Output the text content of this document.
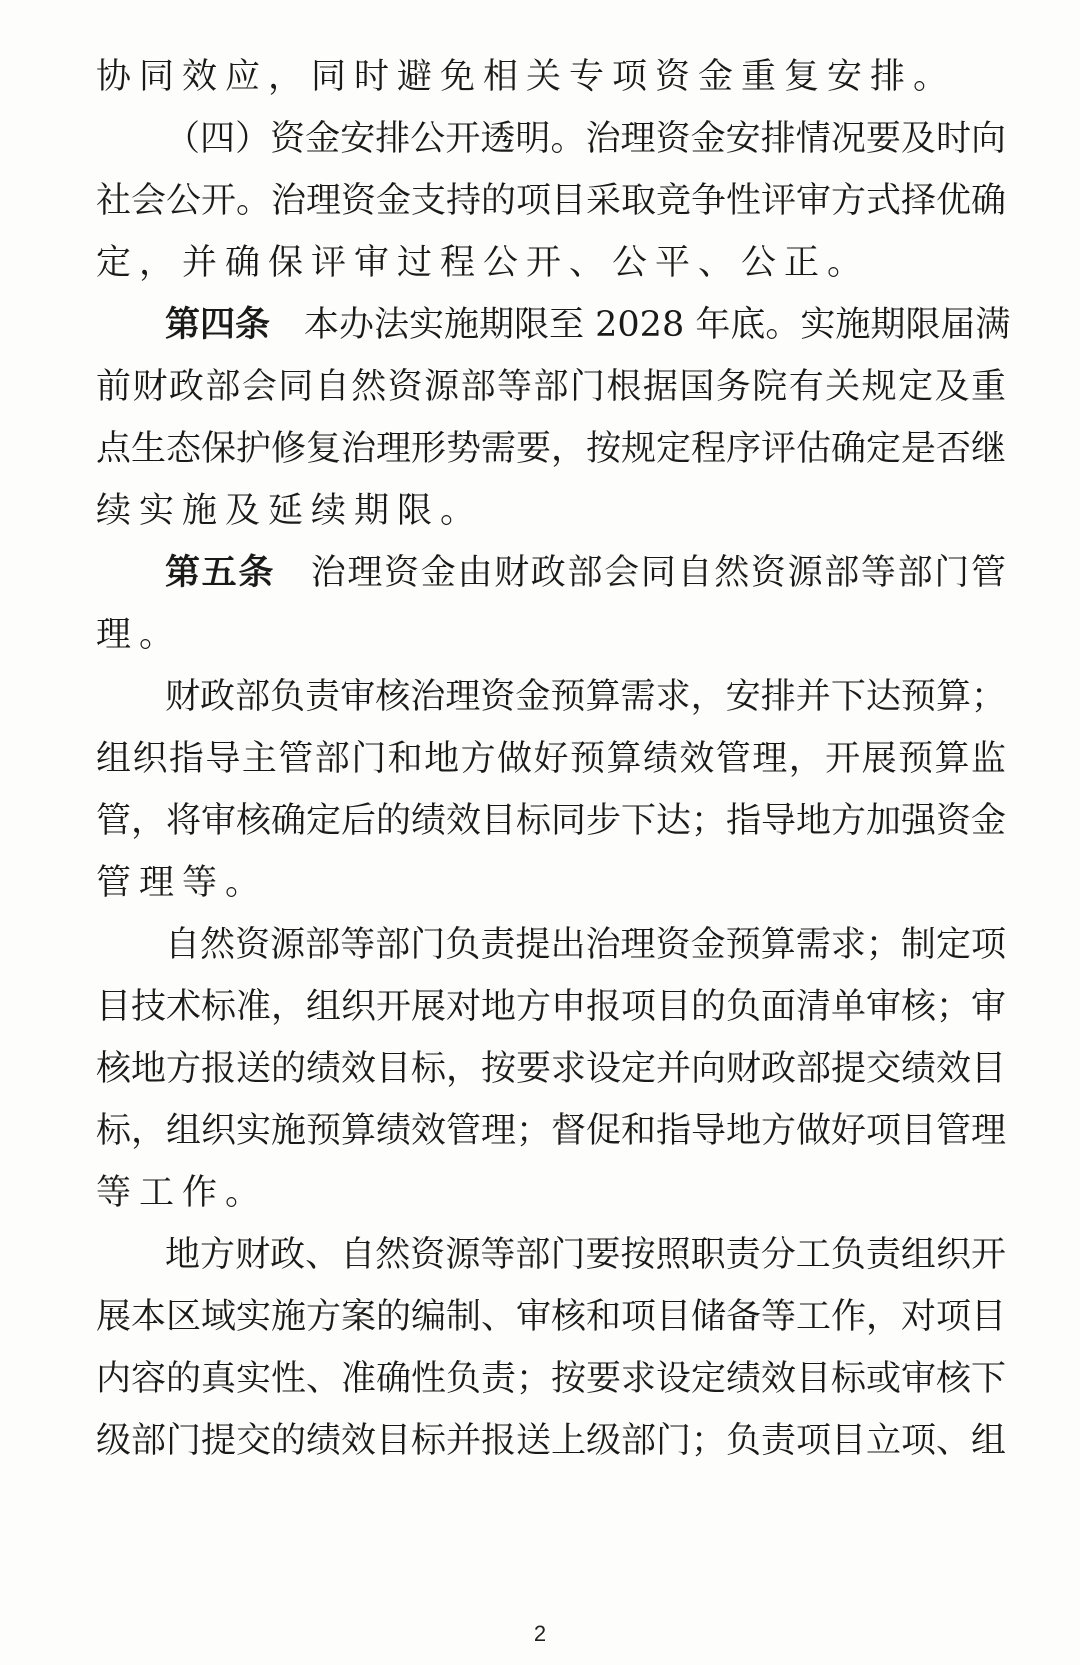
协同效应，同时避免相关专项资金重复安排。
（四）资金安排公开透明。治理资金安排情况要及时向
社会公开。治理资金支持的项目采取竞争性评审方式择优确
定，并确保评审过程公开、公平、公正。
第四条 本办法实施期限至 2028 年底。实施期限届满
前财政部会同自然资源部等部门根据国务院有关规定及重
点生态保护修复治理形势需要，按规定程序评估确定是否继
续实施及延续期限。
第五条 治理资金由财政部会同自然资源部等部门管
理。
财政部负责审核治理资金预算需求，安排并下达预算；
组织指导主管部门和地方做好预算绩效管理，开展预算监
管，将审核确定后的绩效目标同步下达；指导地方加强资金
管理等。
自然资源部等部门负责提出治理资金预算需求；制定项
目技术标准，组织开展对地方申报项目的负面清单审核；审
核地方报送的绩效目标，按要求设定并向财政部提交绩效目
标，组织实施预算绩效管理；督促和指导地方做好项目管理
等工作。
地方财政、自然资源等部门要按照职责分工负责组织开
展本区域实施方案的编制、审核和项目储备等工作，对项目
内容的真实性、准确性负责；按要求设定绩效目标或审核下
级部门提交的绩效目标并报送上级部门；负责项目立项、组
2
